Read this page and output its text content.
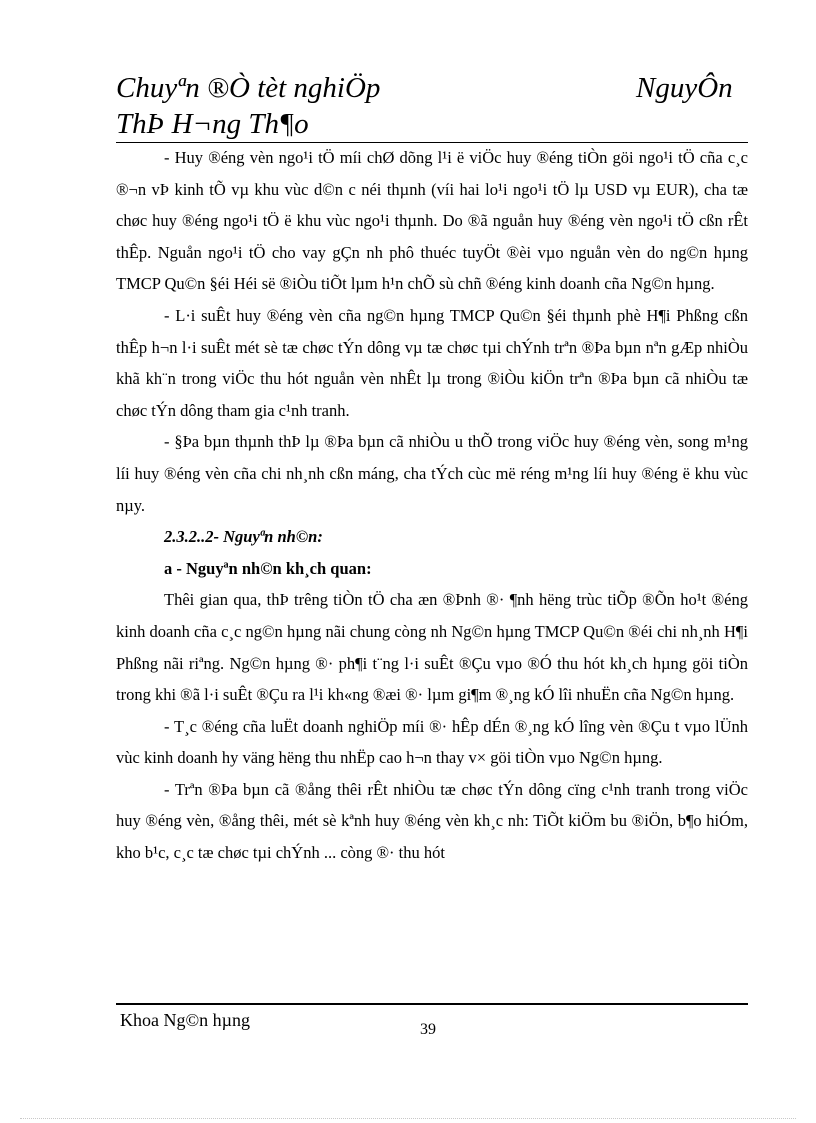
Chuyªn ®Ò tèt nghiÖp
ThÞ H¬ng Th¶o
NguyÔn

- Huy ®éng vèn ngo¹i tÖ míi chØ dõng l¹i ë viÖc huy ®éng tiÒn göi ngo¹i tÖ cña c¸c ®¬n vÞ kinh tÕ vµ khu vùc d©n c néi thµnh (víi hai lo¹i ngo¹i tÖ lµ USD vµ EUR), cha tæ chøc huy ®éng ngo¹i tÖ ë khu vùc ngo¹i thµnh. Do ®ã nguån huy ®éng vèn ngo¹i tÖ cßn rÊt thÊp. Nguån ngo¹i tÖ cho vay gÇn nh phô thuéc tuyÖt ®èi vµo nguån vèn do ng©n hµng TMCP Qu©n §éi Héi së ®iÒu tiÕt lµm h¹n chÕ sù chñ ®éng kinh doanh cña Ng©n hµng.

- L·i suÊt huy ®éng vèn cña ng©n hµng TMCP Qu©n §éi thµnh phè H¶i Phßng cßn thÊp h¬n l·i suÊt mét sè tæ chøc tÝn dông vµ tæ chøc tµi chÝnh trªn ®Þa bµn nªn gÆp nhiÒu khã kh¨n trong viÖc thu hót nguån vèn nhÊt lµ trong ®iÒu kiÖn trªn ®Þa bµn cã nhiÒu tæ chøc tÝn dông tham gia c¹nh tranh.

- §Þa bµn thµnh thÞ lµ ®Þa bµn cã nhiÒu u thÕ trong viÖc huy ®éng vèn, song m¹ng líi huy ®éng vèn cña chi nh¸nh cßn máng, cha tÝch cùc më réng m¹ng líi huy ®éng ë khu vùc nµy.

2.3.2..2- Nguyªn nh©n:

a - Nguyªn nh©n kh¸ch quan:

Thêi gian qua, thÞ trêng tiÒn tÖ cha æn ®Þnh ®· ¶nh hëng trùc tiÕp ®Õn ho¹t ®éng kinh doanh cña c¸c ng©n hµng nãi chung còng nh Ng©n hµng TMCP Qu©n ®éi chi nh¸nh H¶i Phßng nãi riªng. Ng©n hµng ®· ph¶i t¨ng l·i suÊt ®Çu vµo ®Ó thu hót kh¸ch hµng göi tiÒn trong khi ®ã l·i suÊt ®Çu ra l¹i kh«ng ®æi ®· lµm gi¶m ®¸ng kÓ lîi nhuËn cña Ng©n hµng.

- T¸c ®éng cña luËt doanh nghiÖp míi ®· hÊp dÉn ®¸ng kÓ lîng vèn ®Çu t vµo lÜnh vùc kinh doanh hy väng hëng thu nhËp cao h¬n thay v× göi tiÒn vµo Ng©n hµng.

- Trªn ®Þa bµn cã ®ång thêi rÊt nhiÒu tæ chøc tÝn dông cïng c¹nh tranh trong viÖc huy ®éng vèn, ®ång thêi, mét sè kªnh huy ®éng vèn kh¸c nh: TiÕt kiÖm bu ®iÖn, b¶o hiÓm, kho b¹c, c¸c tæ chøc tµi chÝnh ... còng ®· thu hót

Khoa Ng©n hµng	39
